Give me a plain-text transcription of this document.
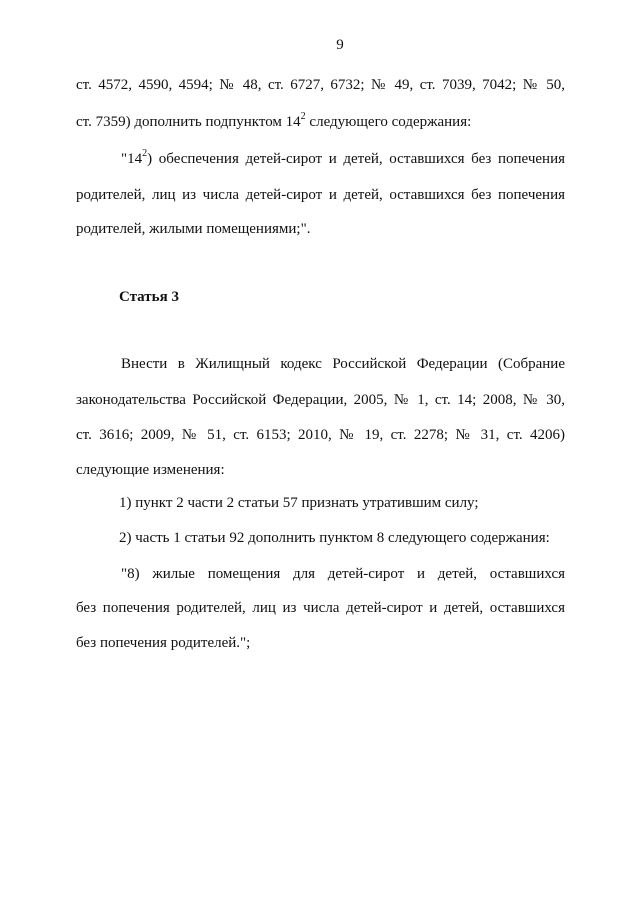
9
ст. 4572, 4590, 4594; № 48, ст. 6727, 6732; № 49, ст. 7039, 7042; № 50,
ст. 7359) дополнить подпунктом $14^2$ следующего содержания:
"$14^2$) обеспечения детей-сирот и детей, оставшихся без попечения
родителей, лиц из числа детей-сирот и детей, оставшихся без попечения
родителей, жилыми помещениями;".
Статья 3
Внести в Жилищный кодекс Российской Федерации (Собрание
законодательства Российской Федерации, 2005, № 1, ст. 14; 2008, № 30,
ст. 3616; 2009, № 51, ст. 6153; 2010, № 19, ст. 2278; № 31, ст. 4206)
следующие изменения:
1) пункт 2 части 2 статьи 57 признать утратившим силу;
2) часть 1 статьи 92 дополнить пунктом 8 следующего содержания:
"8) жилые помещения для детей-сирот и детей, оставшихся
без попечения родителей, лиц из числа детей-сирот и детей, оставшихся
без попечения родителей.";
